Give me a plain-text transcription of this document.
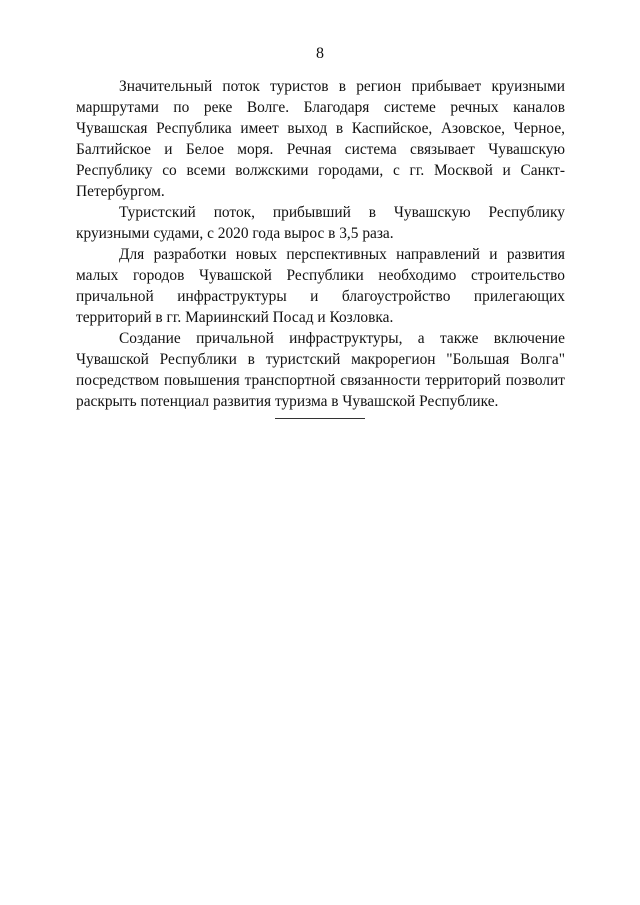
8

Значительный поток туристов в регион прибывает круизными маршрутами по реке Волге. Благодаря системе речных каналов Чувашская Республика имеет выход в Каспийское, Азовское, Черное, Балтийское и Белое моря. Речная система связывает Чувашскую Республику со всеми волжскими городами, с гг. Москвой и Санкт-Петербургом.

Туристский поток, прибывший в Чувашскую Республику круизными судами, с 2020 года вырос в 3,5 раза.

Для разработки новых перспективных направлений и развития малых городов Чувашской Республики необходимо строительство причальной инфраструктуры и благоустройство прилегающих территорий в гг. Мариинский Посад и Козловка.

Создание причальной инфраструктуры, а также включение Чувашской Республики в туристский макрорегион "Большая Волга" посредством повышения транспортной связанности территорий позволит раскрыть потенциал развития туризма в Чувашской Республике.
